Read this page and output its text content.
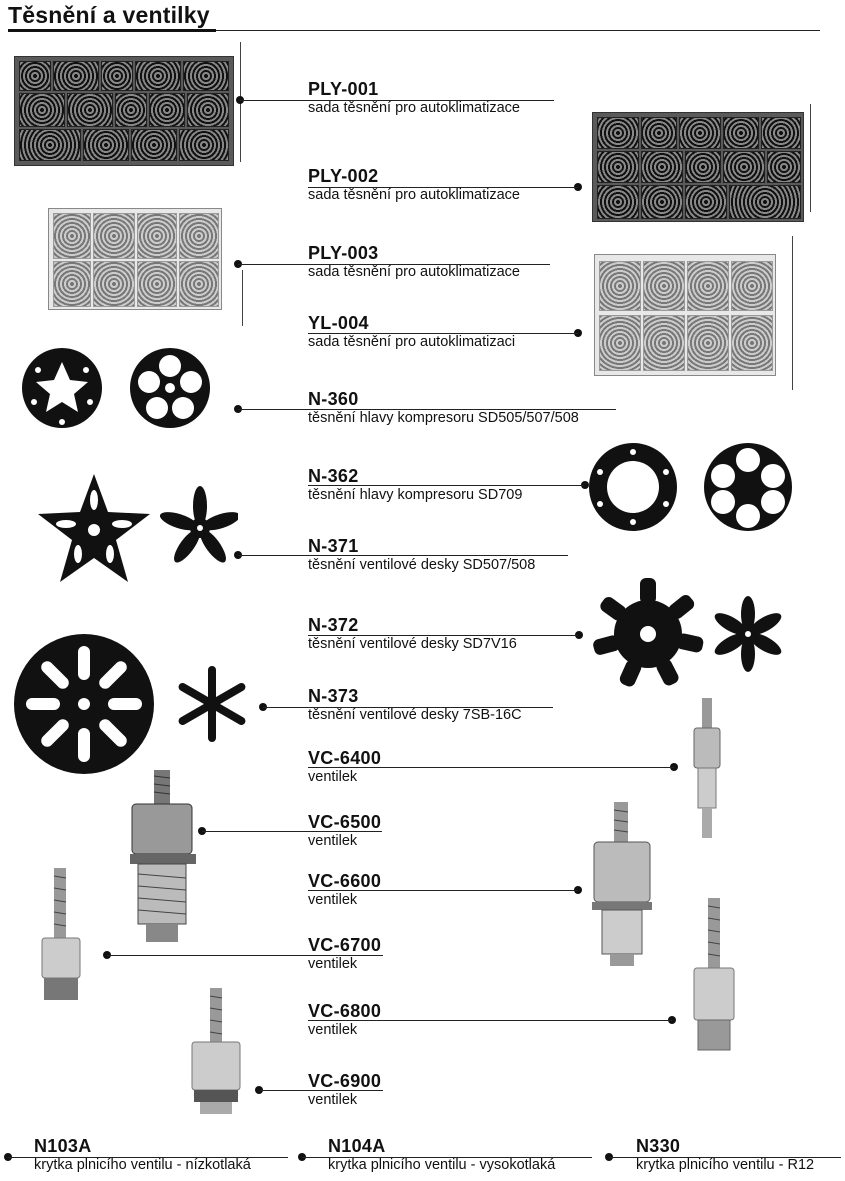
Těsnění a ventilky
PLY-001
sada těsnění pro autoklimatizace
PLY-002
sada těsnění pro autoklimatizace
PLY-003
sada těsnění pro autoklimatizace
YL-004
sada těsnění pro autoklimatizaci
N-360
těsnění hlavy kompresoru SD505/507/508
N-362
těsnění hlavy kompresoru SD709
N-371
těsnění ventilové desky SD507/508
N-372
těsnění ventilové desky SD7V16
N-373
těsnění ventilové desky 7SB-16C
VC-6400
ventilek
VC-6500
ventilek
VC-6600
ventilek
VC-6700
ventilek
VC-6800
ventilek
VC-6900
ventilek
N103A
krytka plnicího ventilu - nízkotlaká
N104A
krytka plnicího ventilu - vysokotlaká
N330
krytka plnicího ventilu - R12
